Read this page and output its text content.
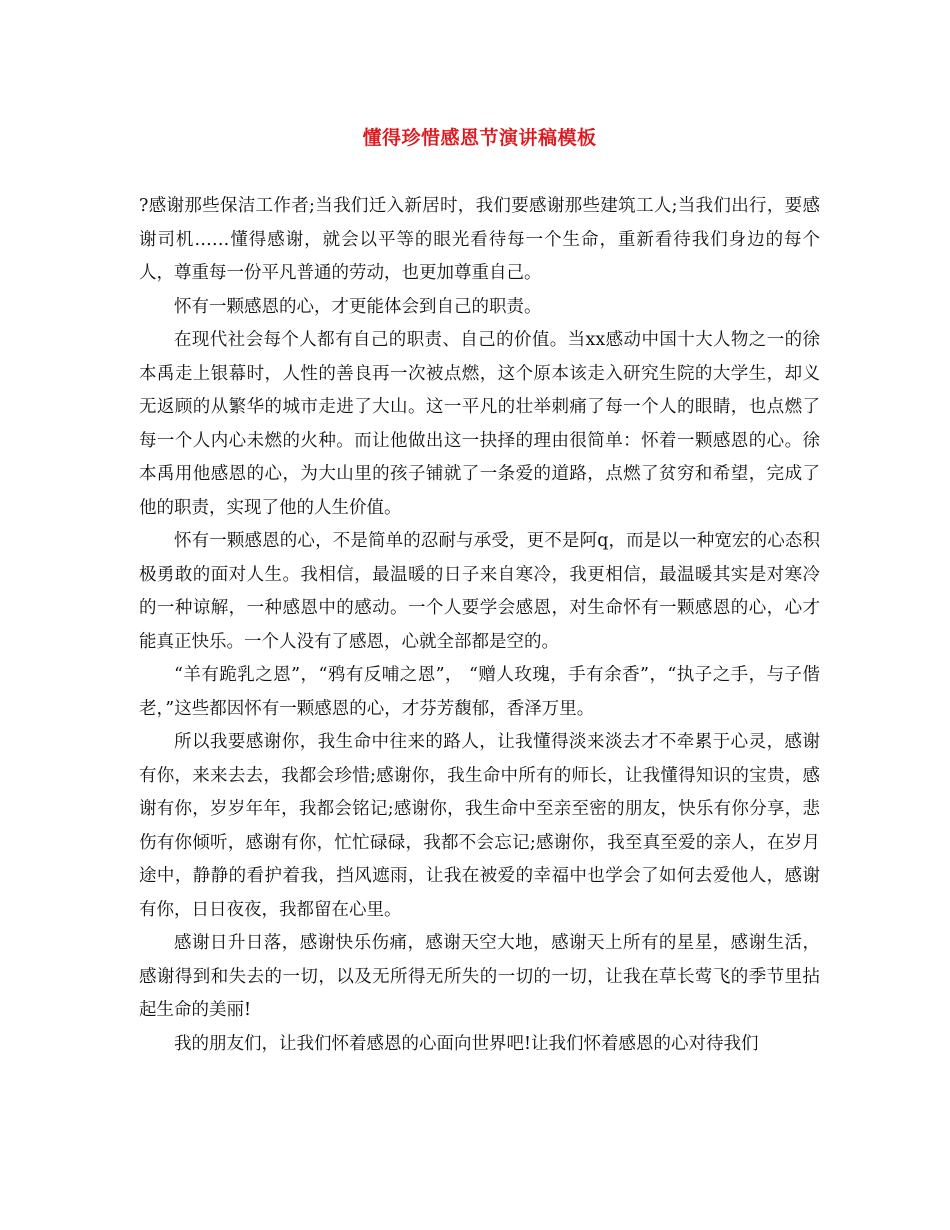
懂得珍惜感恩节演讲稿模板

?感谢那些保洁工作者;当我们迁入新居时，我们要感谢那些建筑工人;当我们出行，要感谢司机……懂得感谢，就会以平等的眼光看待每一个生命，重新看待我们身边的每个人，尊重每一份平凡普通的劳动，也更加尊重自己。

怀有一颗感恩的心，才更能体会到自己的职责。

在现代社会每个人都有自己的职责、自己的价值。当xx感动中国十大人物之一的徐本禹走上银幕时，人性的善良再一次被点燃，这个原本该走入研究生院的大学生，却义无返顾的从繁华的城市走进了大山。这一平凡的壮举刺痛了每一个人的眼睛，也点燃了每一个人内心未燃的火种。而让他做出这一抉择的理由很简单：怀着一颗感恩的心。徐本禹用他感恩的心，为大山里的孩子铺就了一条爱的道路，点燃了贫穷和希望，完成了他的职责，实现了他的人生价值。

怀有一颗感恩的心，不是简单的忍耐与承受，更不是阿q，而是以一种宽宏的心态积极勇敢的面对人生。我相信，最温暖的日子来自寒冷，我更相信，最温暖其实是对寒冷的一种谅解，一种感恩中的感动。一个人要学会感恩，对生命怀有一颗感恩的心，心才能真正快乐。一个人没有了感恩，心就全部都是空的。

“羊有跪乳之恩”，“鸦有反哺之恩”， “赠人玫瑰，手有余香”，“执子之手，与子偕老，”这些都因怀有一颗感恩的心，才芬芳馥郁，香泽万里。

所以我要感谢你，我生命中往来的路人，让我懂得淡来淡去才不牵累于心灵，感谢有你，来来去去，我都会珍惜;感谢你，我生命中所有的师长，让我懂得知识的宝贵，感谢有你，岁岁年年，我都会铭记;感谢你，我生命中至亲至密的朋友，快乐有你分享，悲伤有你倾听，感谢有你，忙忙碌碌，我都不会忘记;感谢你，我至真至爱的亲人，在岁月途中，静静的看护着我，挡风遮雨，让我在被爱的幸福中也学会了如何去爱他人，感谢有你，日日夜夜，我都留在心里。

感谢日升日落，感谢快乐伤痛，感谢天空大地，感谢天上所有的星星，感谢生活，感谢得到和失去的一切，以及无所得无所失的一切的一切，让我在草长莺飞的季节里拈起生命的美丽!

我的朋友们，让我们怀着感恩的心面向世界吧!让我们怀着感恩的心对待我们
